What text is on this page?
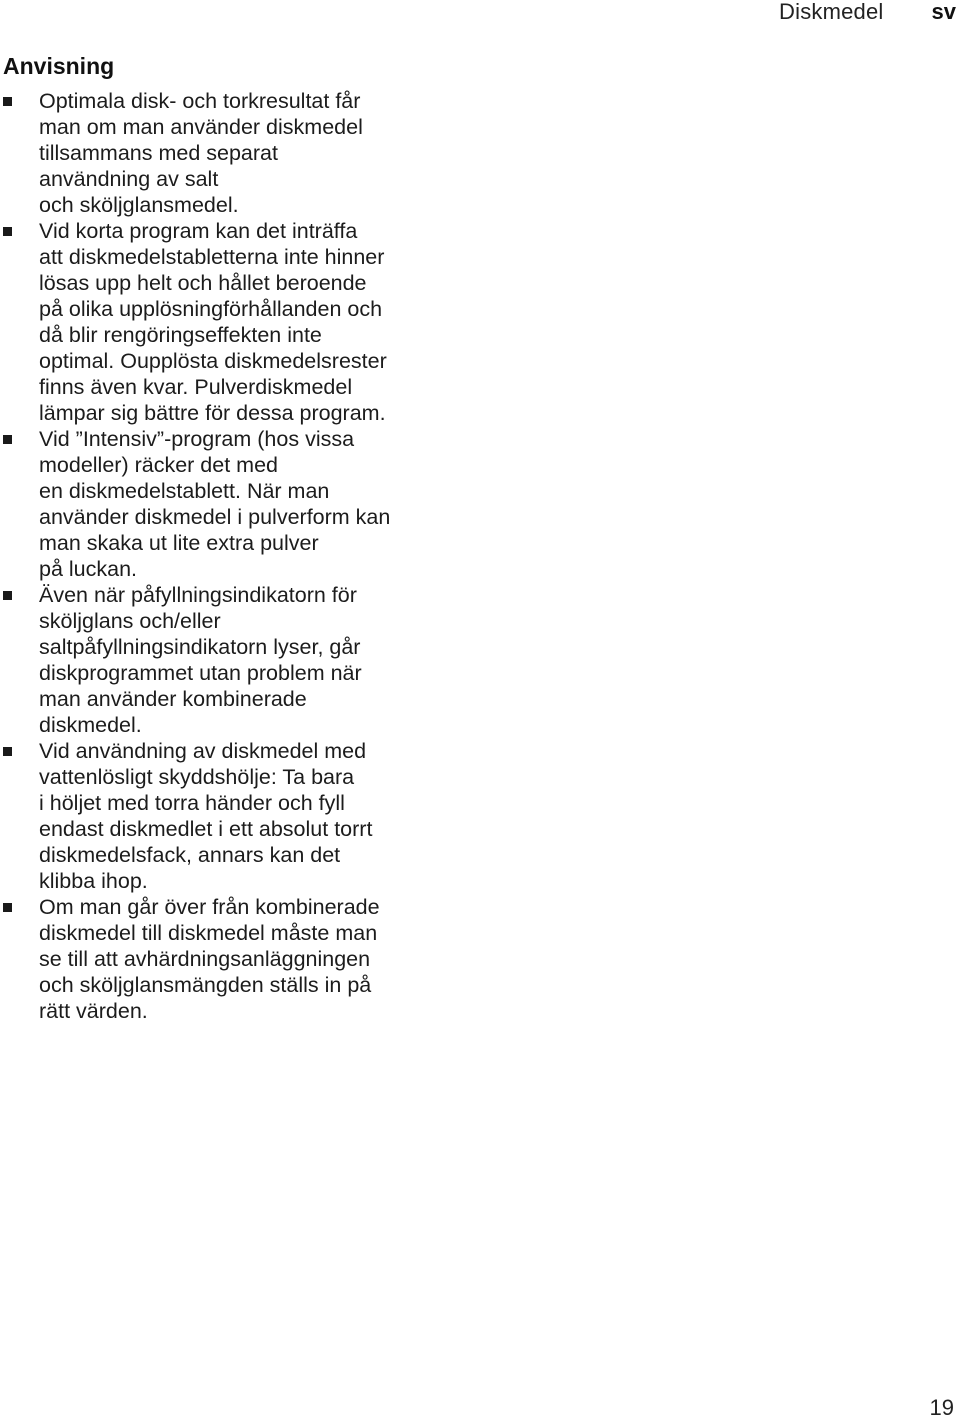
Diskmedel sv
Anvisning
Optimala disk- och torkresultat får
man om man använder diskmedel
tillsammans med separat
användning av salt
och sköljglansmedel.
Vid korta program kan det inträffa
att diskmedelstabletterna inte hinner
lösas upp helt och hållet beroende
på olika upplösningförhållanden och
då blir rengöringseffekten inte
optimal. Oupplösta diskmedelsrester
finns även kvar. Pulverdiskmedel
lämpar sig bättre för dessa program.
Vid ”Intensiv”-program (hos vissa
modeller) räcker det med
en diskmedelstablett. När man
använder diskmedel i pulverform kan
man skaka ut lite extra pulver
på luckan.
Även när påfyllningsindikatorn för
sköljglans och/eller
saltpåfyllningsindikatorn lyser, går
diskprogrammet utan problem när
man använder kombinerade
diskmedel.
Vid användning av diskmedel med
vattenlösligt skyddshölje: Ta bara
i höljet med torra händer och fyll
endast diskmedlet i ett absolut torrt
diskmedelsfack, annars kan det
klibba ihop.
Om man går över från kombinerade
diskmedel till diskmedel måste man
se till att avhärdningsanläggningen
och sköljglansmängden ställs in på
rätt värden.
19
